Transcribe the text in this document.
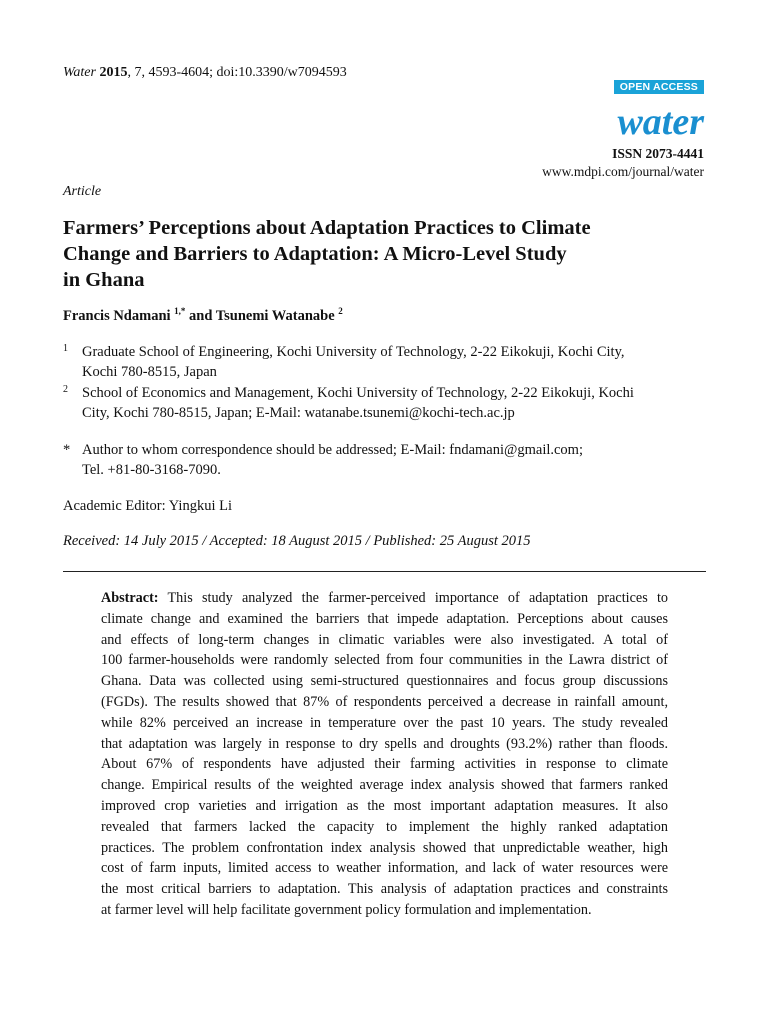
Water 2015, 7, 4593-4604; doi:10.3390/w7094593
OPEN ACCESS
water
ISSN 2073-4441
www.mdpi.com/journal/water
Article
Farmers’ Perceptions about Adaptation Practices to Climate
Change and Barriers to Adaptation: A Micro-Level Study
in Ghana
Francis Ndamani $^{1,*}$ and Tsunemi Watanabe $^2$
1 Graduate School of Engineering, Kochi University of Technology, 2-22 Eikokuji, Kochi City,
Kochi 780-8515, Japan
2 School of Economics and Management, Kochi University of Technology, 2-22 Eikokuji, Kochi
City, Kochi 780-8515, Japan; E-Mail: watanabe.tsunemi@kochi-tech.ac.jp
* Author to whom correspondence should be addressed; E-Mail: fndamani@gmail.com;
Tel. +81-80-3168-7090.
Academic Editor: Yingkui Li
Received: 14 July 2015 / Accepted: 18 August 2015 / Published: 25 August 2015
Abstract: This study analyzed the farmer-perceived importance of adaptation practices to
climate change and examined the barriers that impede adaptation. Perceptions about causes
and effects of long-term changes in climatic variables were also investigated. A total of
100 farmer-households were randomly selected from four communities in the Lawra district of
Ghana. Data was collected using semi-structured questionnaires and focus group discussions
(FGDs). The results showed that 87% of respondents perceived a decrease in rainfall amount,
while 82% perceived an increase in temperature over the past 10 years. The study revealed
that adaptation was largely in response to dry spells and droughts (93.2%) rather than floods.
About 67% of respondents have adjusted their farming activities in response to climate
change. Empirical results of the weighted average index analysis showed that farmers ranked
improved crop varieties and irrigation as the most important adaptation measures. It also
revealed that farmers lacked the capacity to implement the highly ranked adaptation
practices. The problem confrontation index analysis showed that unpredictable weather, high
cost of farm inputs, limited access to weather information, and lack of water resources were
the most critical barriers to adaptation. This analysis of adaptation practices and constraints
at farmer level will help facilitate government policy formulation and implementation.
